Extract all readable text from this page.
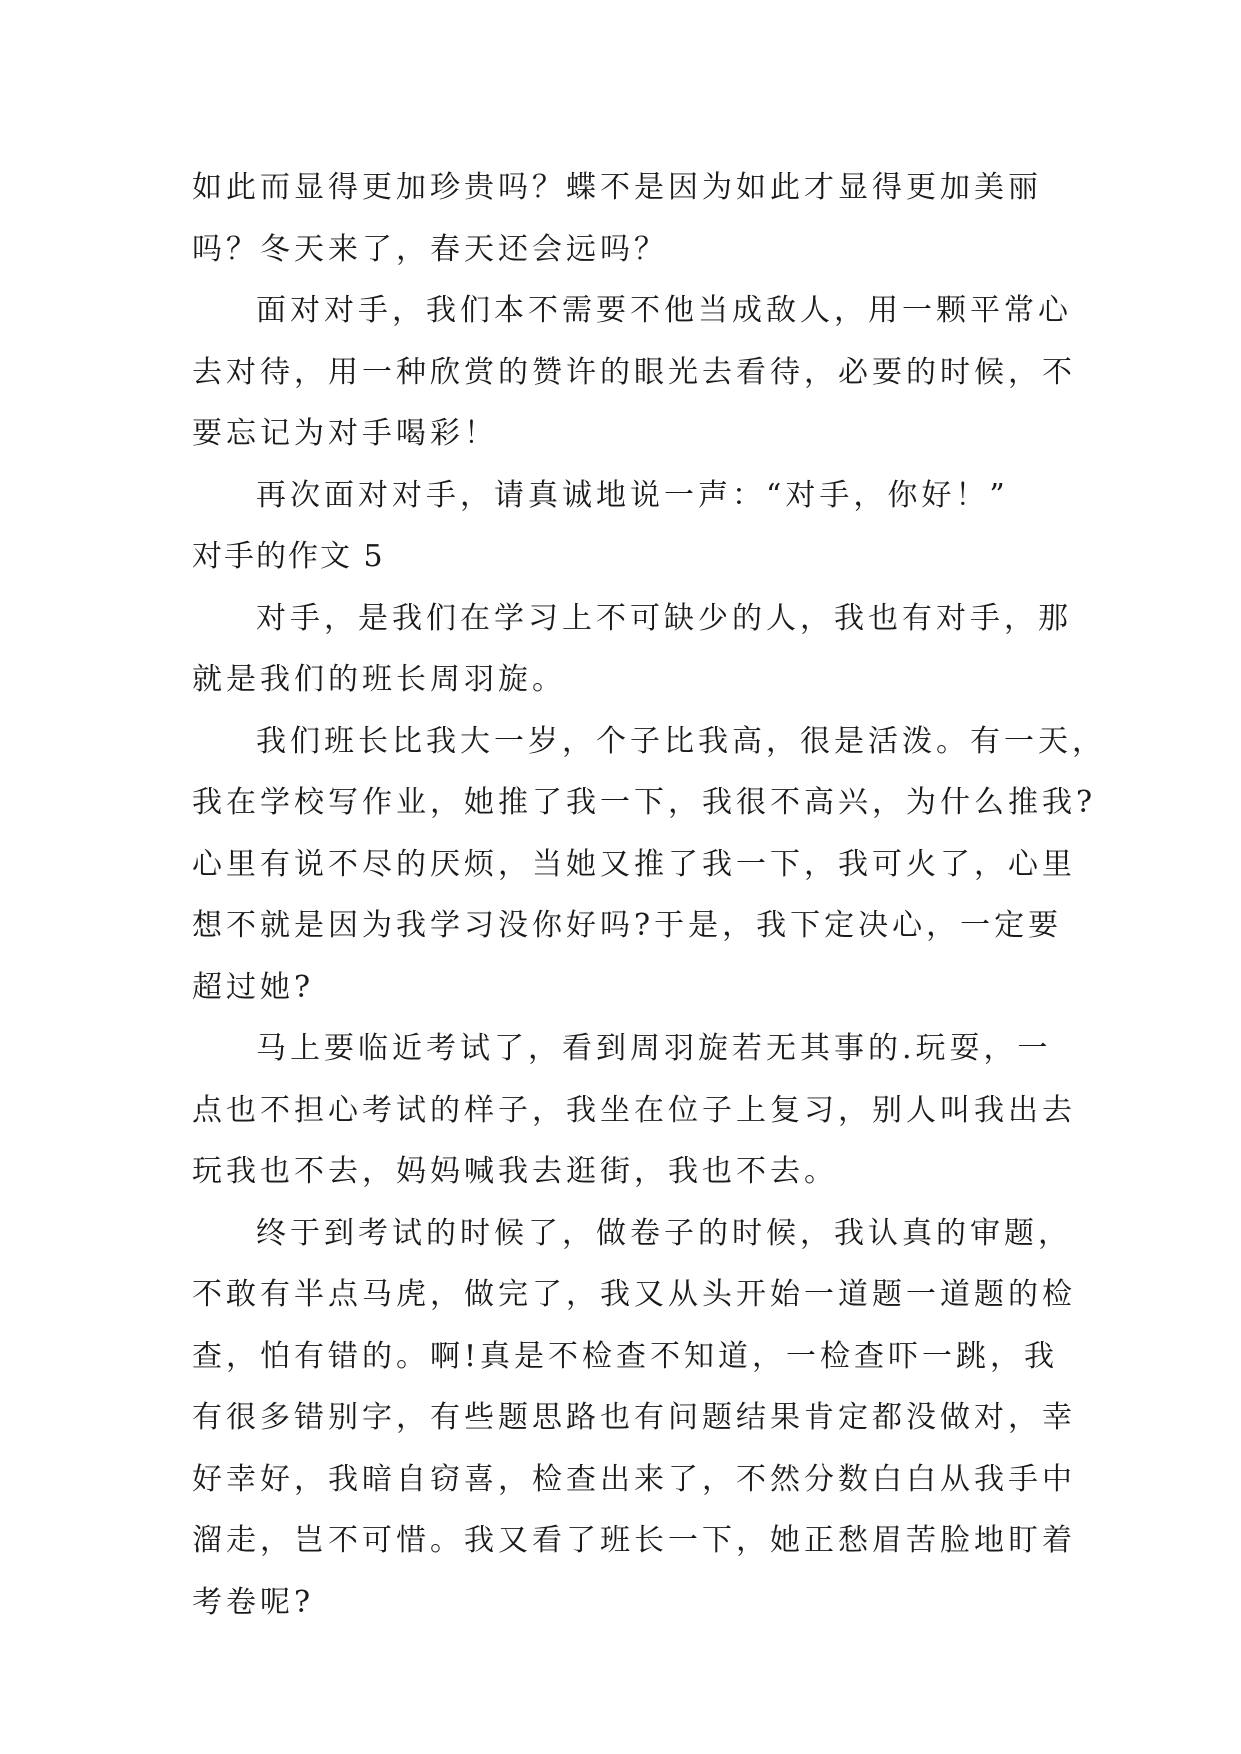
如此而显得更加珍贵吗？蝶不是因为如此才显得更加美丽
吗？冬天来了，春天还会远吗？
面对对手，我们本不需要不他当成敌人，用一颗平常心
去对待，用一种欣赏的赞许的眼光去看待，必要的时候，不
要忘记为对手喝彩！
再次面对对手，请真诚地说一声：“对手，你好！”
对手的作文 5
对手，是我们在学习上不可缺少的人，我也有对手，那
就是我们的班长周羽旋。
我们班长比我大一岁，个子比我高，很是活泼。有一天，
我在学校写作业，她推了我一下，我很不高兴，为什么推我?
心里有说不尽的厌烦，当她又推了我一下，我可火了，心里
想不就是因为我学习没你好吗?于是，我下定决心，一定要
超过她?
马上要临近考试了，看到周羽旋若无其事的.玩耍，一
点也不担心考试的样子，我坐在位子上复习，别人叫我出去
玩我也不去，妈妈喊我去逛街，我也不去。
终于到考试的时候了，做卷子的时候，我认真的审题，
不敢有半点马虎，做完了，我又从头开始一道题一道题的检
查，怕有错的。啊!真是不检查不知道，一检查吓一跳，我
有很多错别字，有些题思路也有问题结果肯定都没做对，幸
好幸好，我暗自窃喜，检查出来了，不然分数白白从我手中
溜走，岂不可惜。我又看了班长一下，她正愁眉苦脸地盯着
考卷呢?
